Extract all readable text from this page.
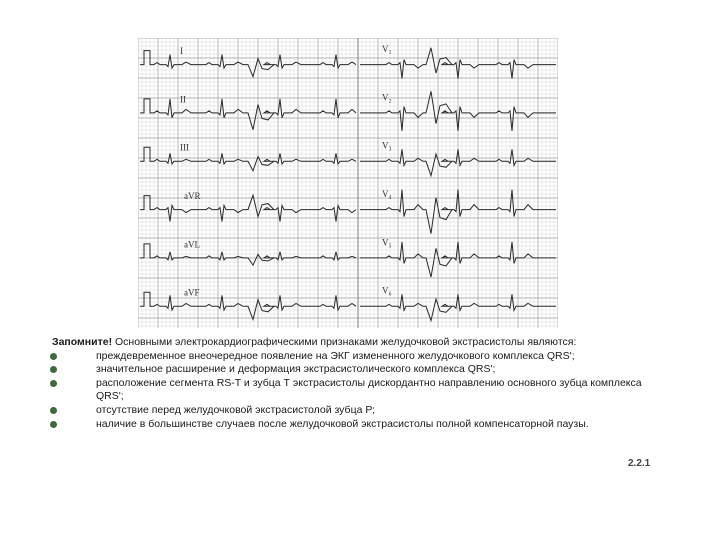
I	V₁
II	V₂
III	V₃
aVR	V₄
aVL	V₅
aVF	V₆
Запомните! Основными электрокардиографическими признаками желудочковой экстрасистолы являются:
преждевременное внеочередное появление на ЭКГ измененного желудочкового комплекса QRS';
значительное расширение и деформация экстрасистолического комплекса QRS';
расположение сегмента RS-T и зубца Т экстрасистолы дискордантно направлению основного зубца комплекса QRS';
отсутствие перед желудочковой экстрасистолой зубца Р;
наличие в большинстве случаев после желудочковой экстрасистолы полной компенсаторной паузы.
2.2.1
